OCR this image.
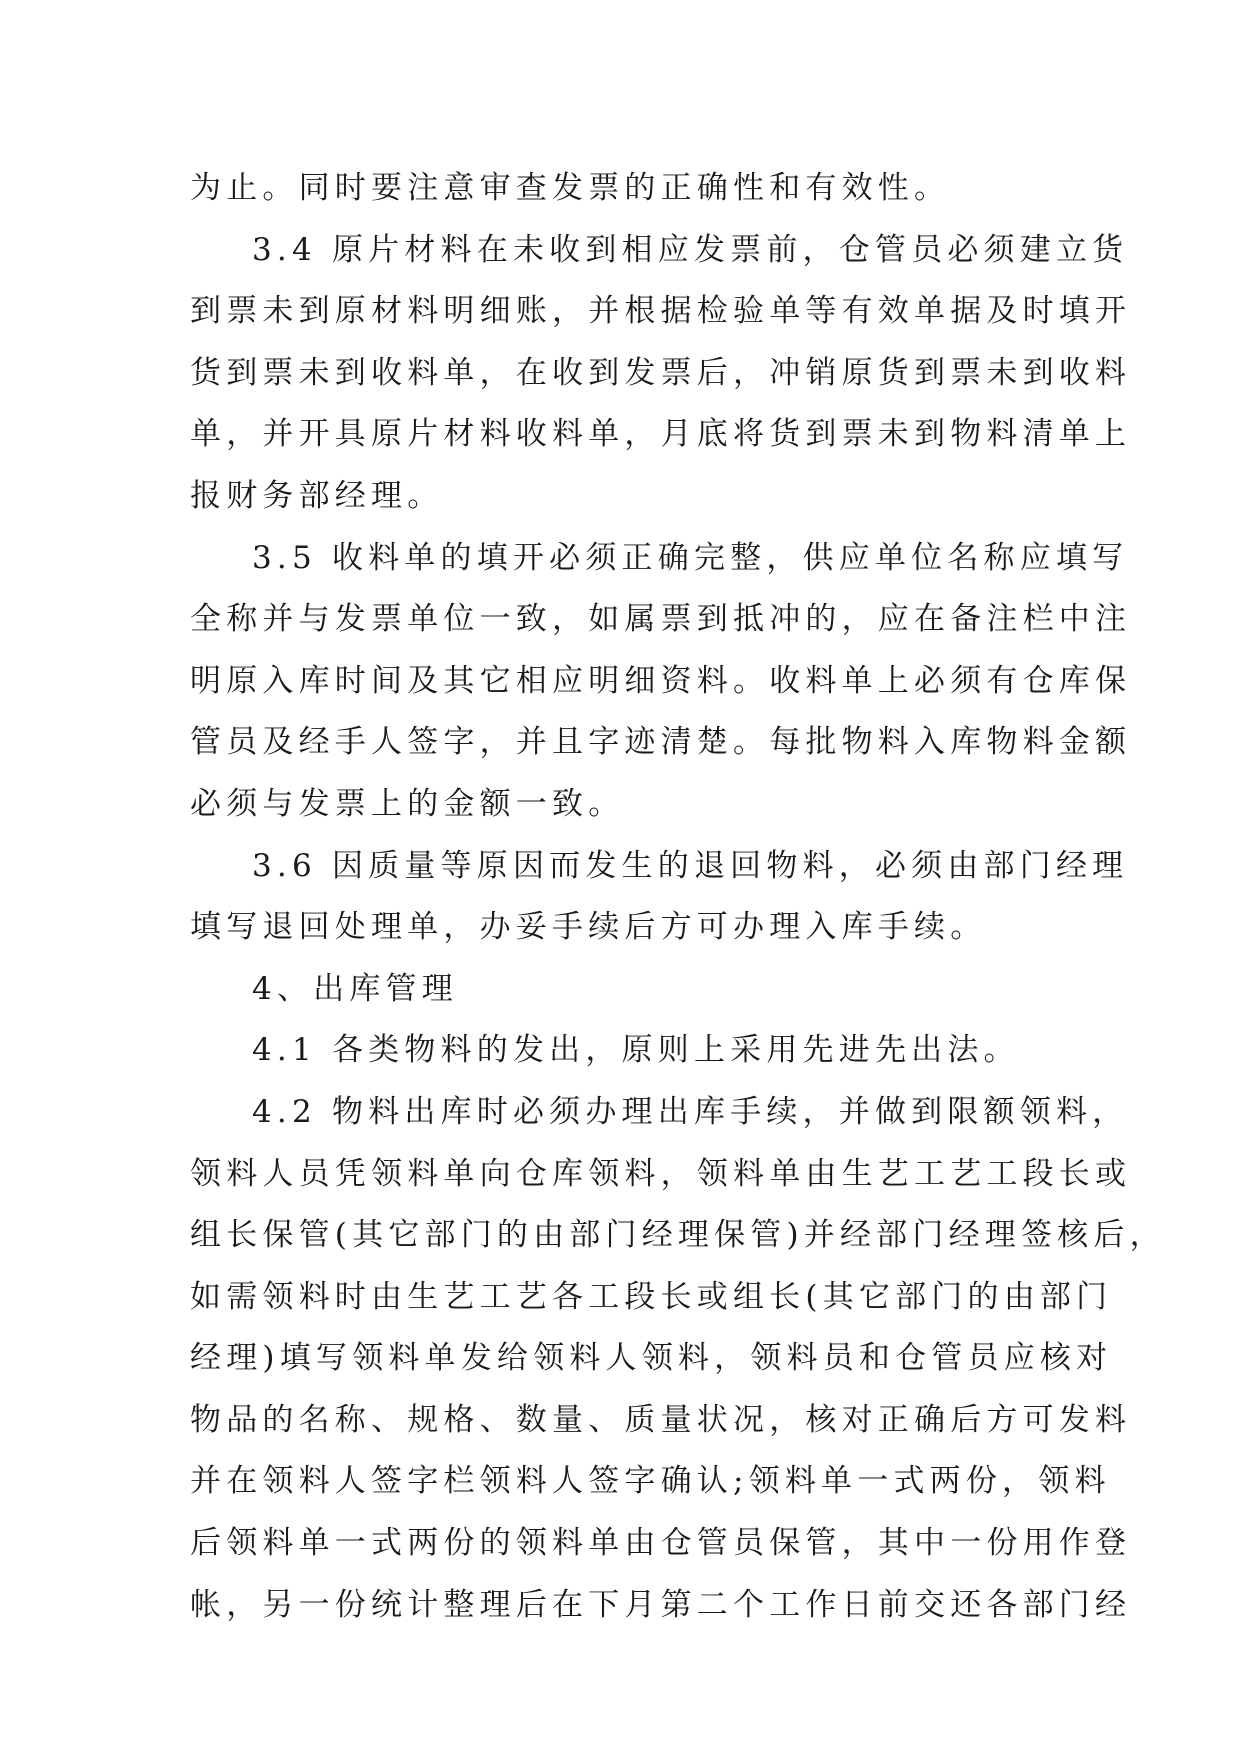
为止。同时要注意审查发票的正确性和有效性。
3.4 原片材料在未收到相应发票前，仓管员必须建立货
到票未到原材料明细账，并根据检验单等有效单据及时填开
货到票未到收料单，在收到发票后，冲销原货到票未到收料
单，并开具原片材料收料单，月底将货到票未到物料清单上
报财务部经理。
3.5 收料单的填开必须正确完整，供应单位名称应填写
全称并与发票单位一致，如属票到抵冲的，应在备注栏中注
明原入库时间及其它相应明细资料。收料单上必须有仓库保
管员及经手人签字，并且字迹清楚。每批物料入库物料金额
必须与发票上的金额一致。
3.6 因质量等原因而发生的退回物料，必须由部门经理
填写退回处理单，办妥手续后方可办理入库手续。
4、出库管理
4.1 各类物料的发出，原则上采用先进先出法。
4.2 物料出库时必须办理出库手续，并做到限额领料，
领料人员凭领料单向仓库领料，领料单由生艺工艺工段长或
组长保管(其它部门的由部门经理保管)并经部门经理签核后，
如需领料时由生艺工艺各工段长或组长(其它部门的由部门
经理)填写领料单发给领料人领料，领料员和仓管员应核对
物品的名称、规格、数量、质量状况，核对正确后方可发料
并在领料人签字栏领料人签字确认;领料单一式两份，领料
后领料单一式两份的领料单由仓管员保管，其中一份用作登
帐，另一份统计整理后在下月第二个工作日前交还各部门经
